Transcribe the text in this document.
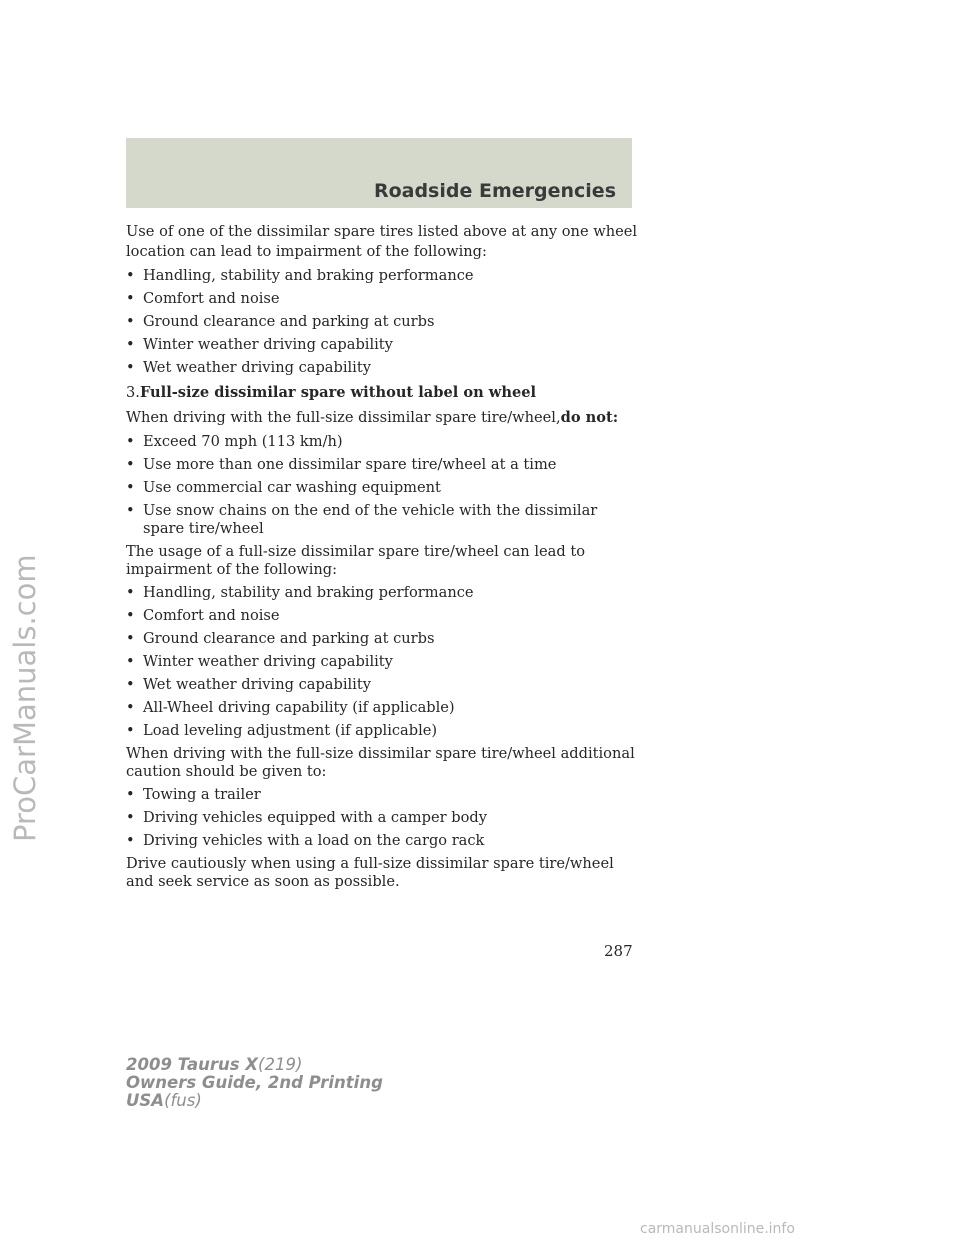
Roadside Emergencies
ProCarManuals.com

Use of one of the dissimilar spare tires listed above at any one wheel location can lead to impairment of the following:

• Handling, stability and braking performance
• Comfort and noise
• Ground clearance and parking at curbs
• Winter weather driving capability
• Wet weather driving capability

3.Full-size dissimilar spare without label on wheel

When driving with the full-size dissimilar spare tire/wheel,do not:

• Exceed 70 mph (113 km/h)
• Use more than one dissimilar spare tire/wheel at a time
• Use commercial car washing equipment
• Use snow chains on the end of the vehicle with the dissimilar spare tire/wheel

The usage of a full-size dissimilar spare tire/wheel can lead to impairment of the following:

• Handling, stability and braking performance
• Comfort and noise
• Ground clearance and parking at curbs
• Winter weather driving capability
• Wet weather driving capability
• All-Wheel driving capability (if applicable)
• Load leveling adjustment (if applicable)

When driving with the full-size dissimilar spare tire/wheel additional caution should be given to:

• Towing a trailer
• Driving vehicles equipped with a camper body
• Driving vehicles with a load on the cargo rack

Drive cautiously when using a full-size dissimilar spare tire/wheel and seek service as soon as possible.

287
2009 Taurus X(219)
Owners Guide, 2nd Printing
USA(fus)
carmanualsonline.info
